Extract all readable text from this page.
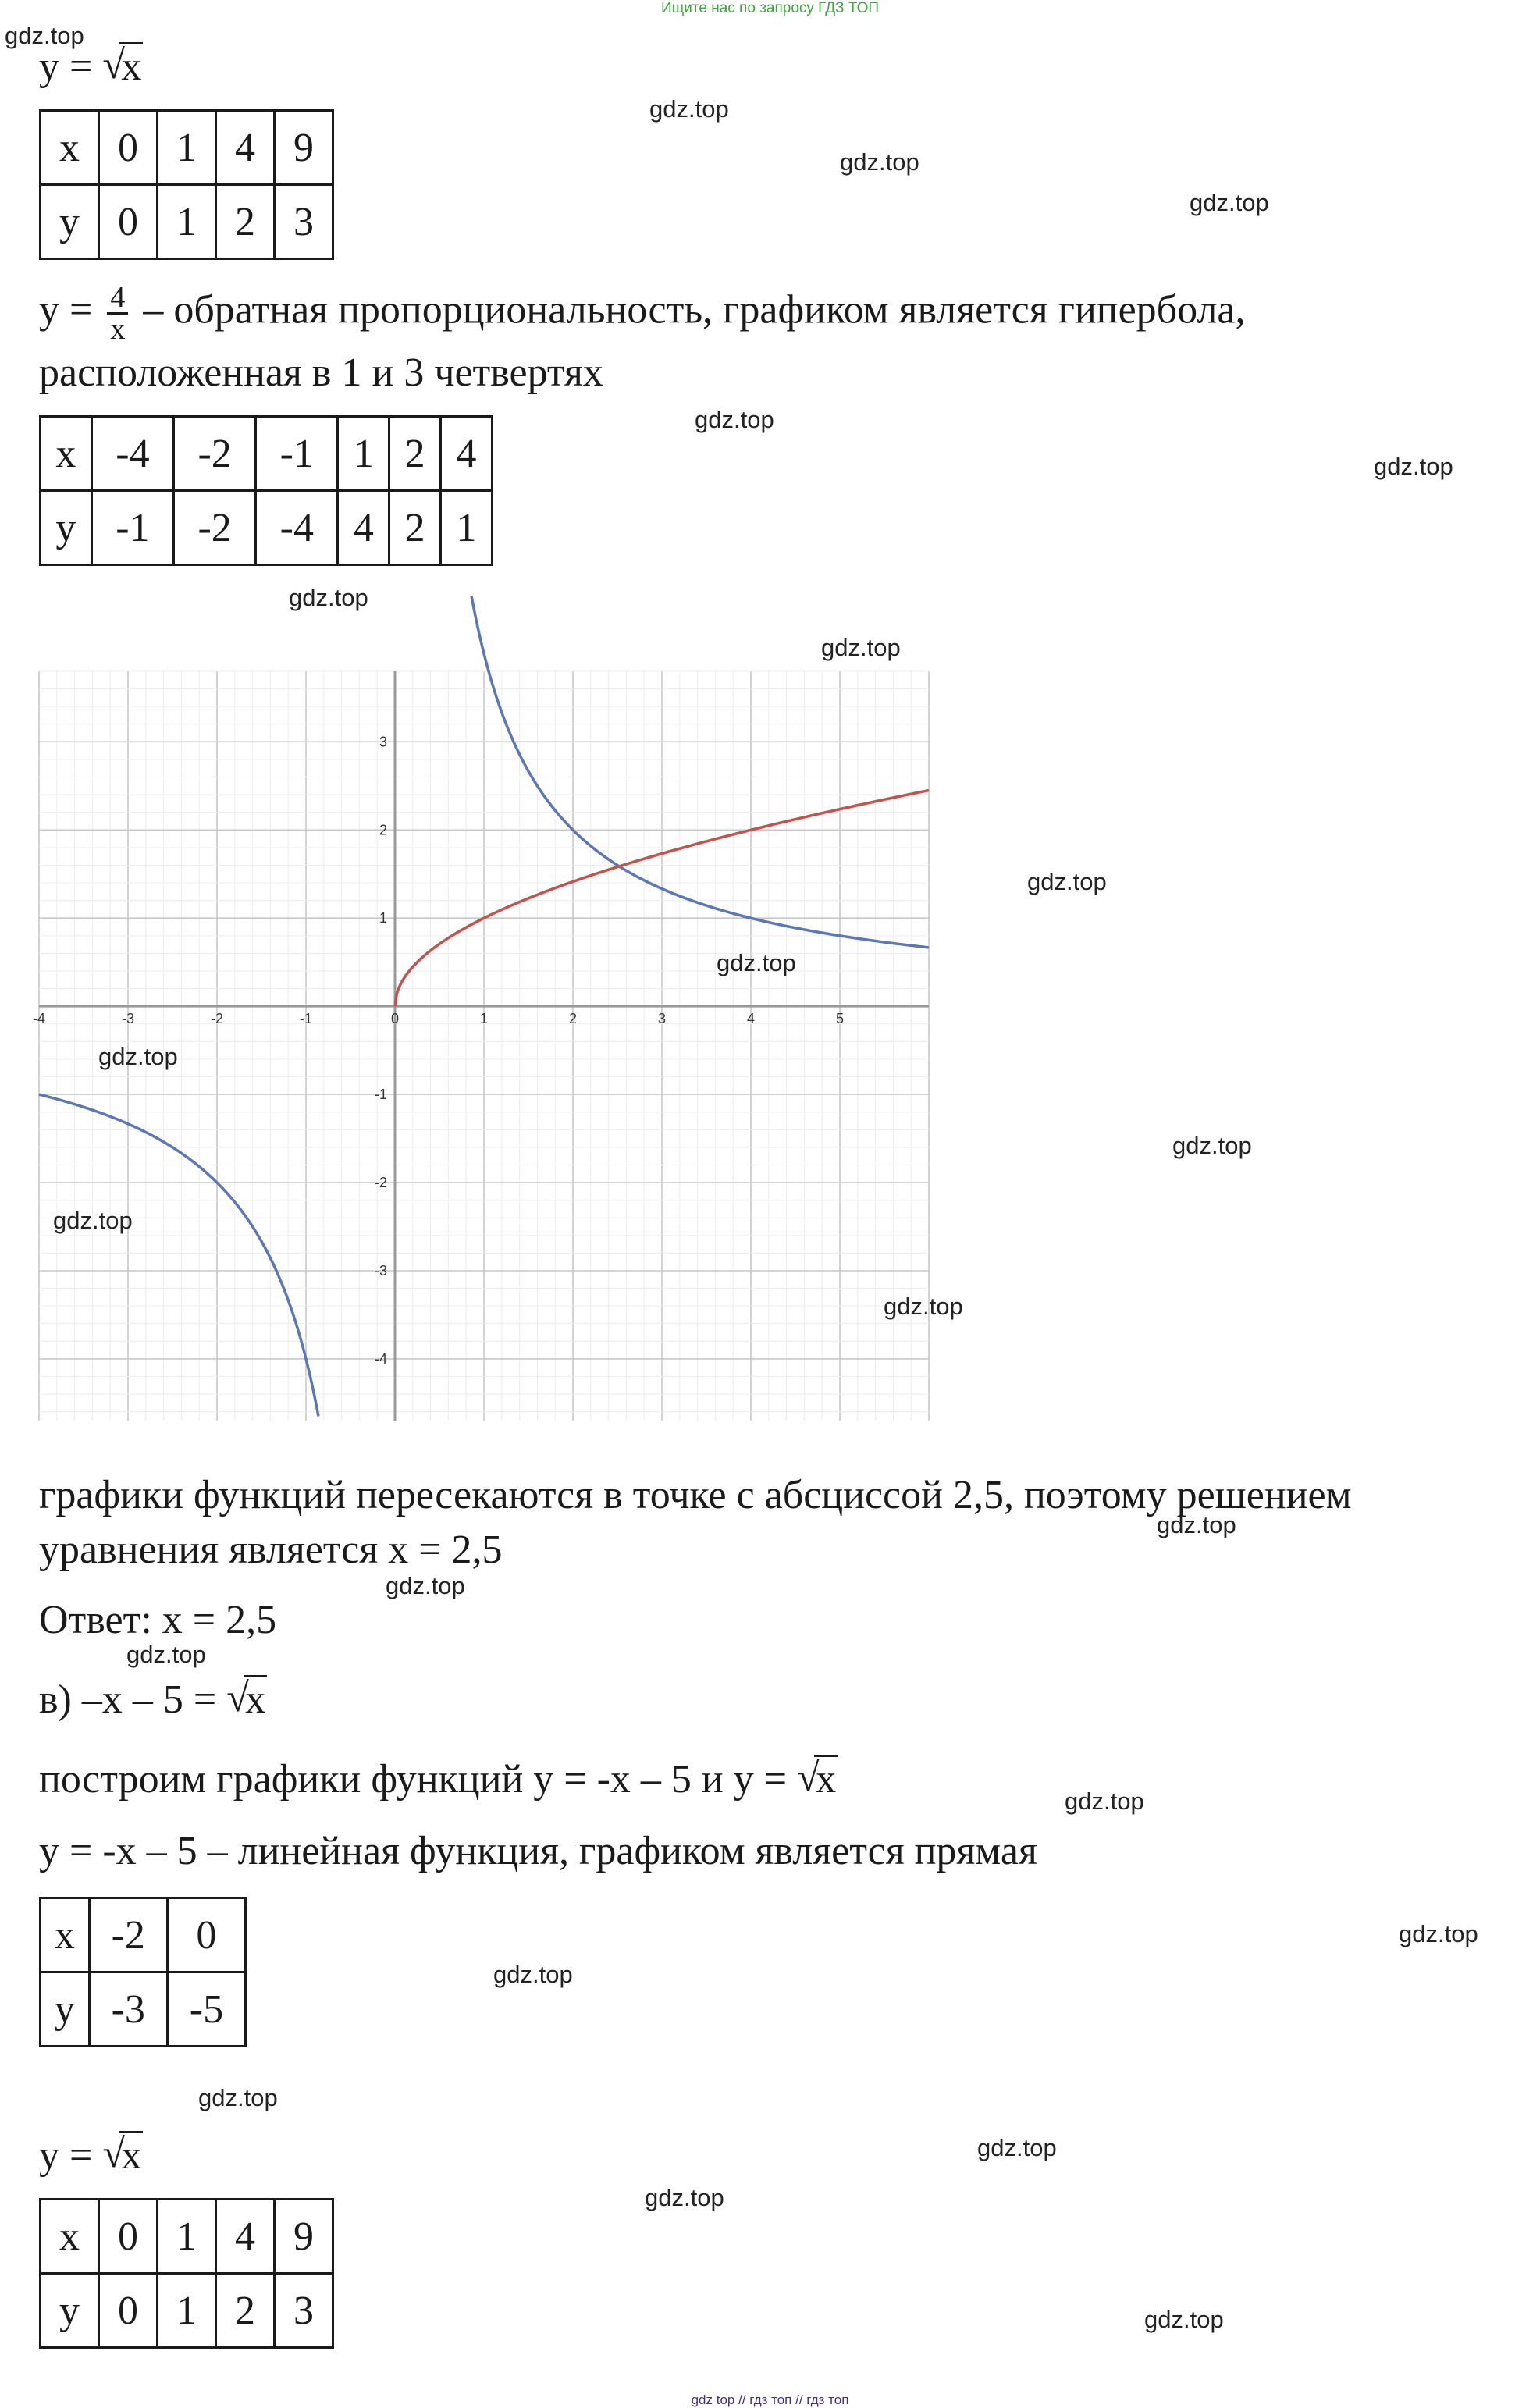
Ищите нас по запросу ГДЗ ТОП
y = √
x
x	0	1	4	9
y	0	1	2	3
$y = \frac{4}{x}$ – обратная пропорциональность, графиком является гипербола,
расположенная в 1 и 3 четвертях
x	-4	-2	-1	1	2	4
y	-1	-2	-4	4	2	1
-4	-3	-2	-1	0	1	2	3	4	5
3
2
1
-1
-2
-3
-4
графики функций пересекаются в точке с абсциссой 2,5, поэтому решением
уравнения является x = 2,5
Ответ: x = 2,5
в) –x – 5 = √
x
построим графики функций y = -x – 5 и y = √
x
y = -x – 5 – линейная функция, графиком является прямая
x	-2	0
y	-3	-5
y = √
x
x	0	1	4	9
y	0	1	2	3
gdz.top
gdz.top
gdz.top
gdz.top
gdz.top
gdz.top
gdz.top
gdz.top
gdz.top
gdz.top
gdz.top
gdz.top
gdz.top
gdz.top
gdz.top
gdz.top
gdz.top
gdz.top
gdz.top
gdz.top
gdz.top
gdz.top
gdz.top
gdz.top
gdz top // гдз топ // гдз топ
